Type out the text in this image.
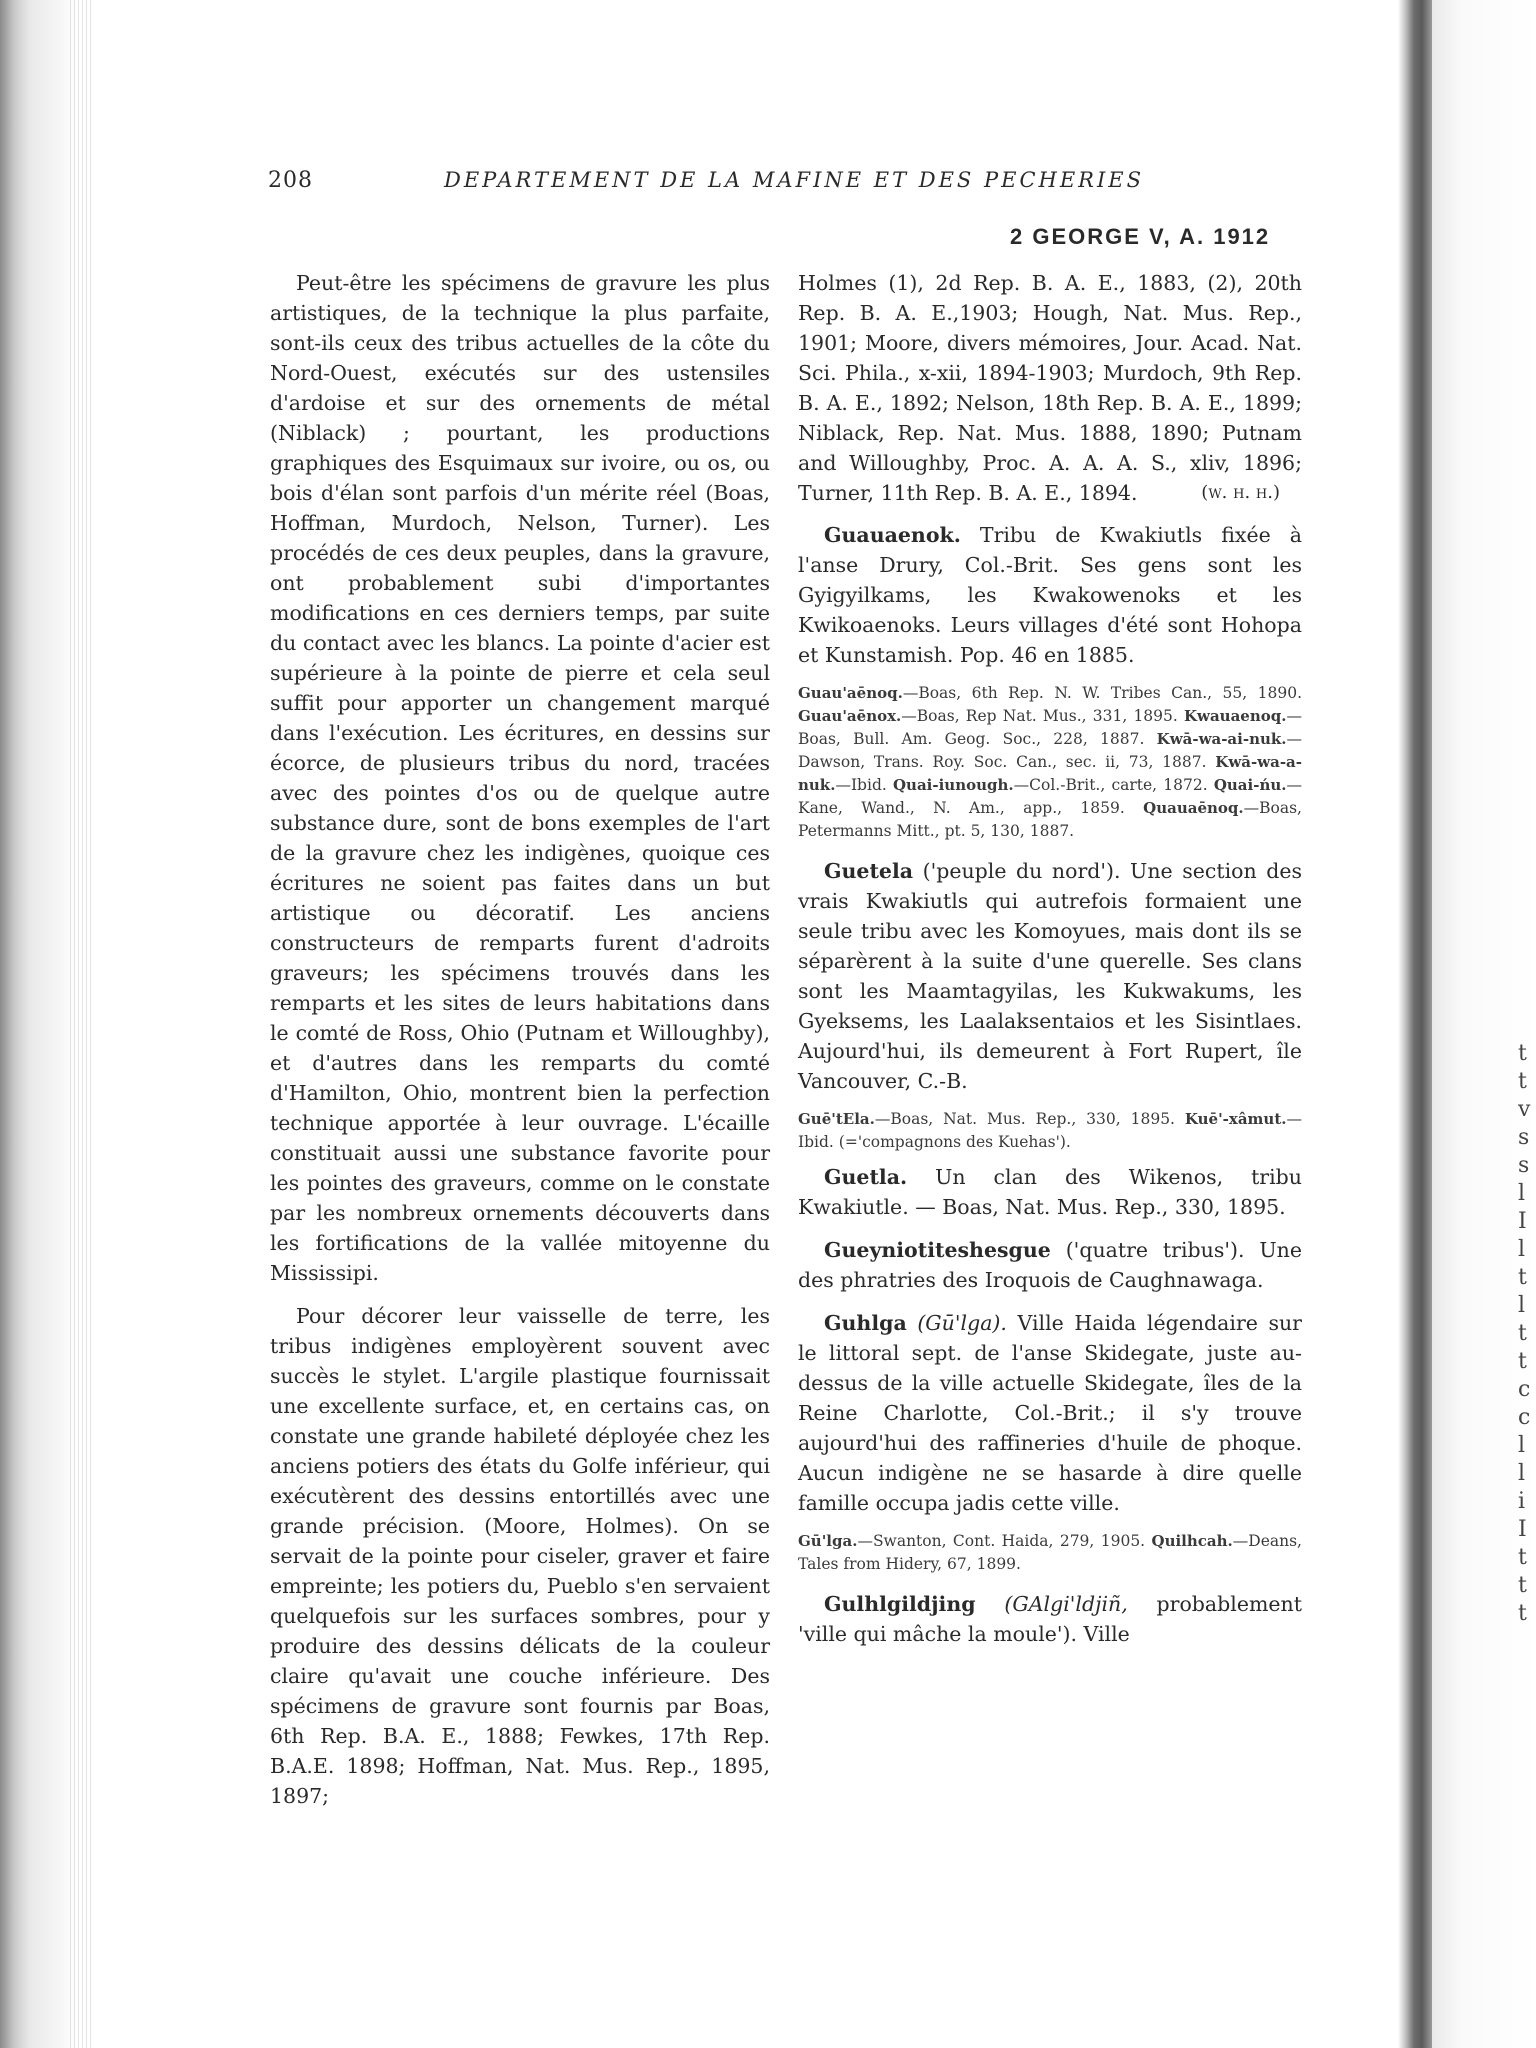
t
t
v
s
s
l
I
l
t
l
t
t
c
c
l
l
i
I
t
t
t
208	DEPARTEMENT DE LA MAFINE ET DES PECHERIES
2 GEORGE V, A. 1912

Peut-être les spécimens de gravure les plus artistiques, de la technique la plus parfaite, sont-ils ceux des tribus actuelles de la côte du Nord-Ouest, exécutés sur des ustensiles d'ardoise et sur des ornements de métal (Niblack) ; pourtant, les productions graphiques des Esquimaux sur ivoire, ou os, ou bois d'élan sont parfois d'un mérite réel (Boas, Hoffman, Murdoch, Nelson, Turner). Les procédés de ces deux peuples, dans la gravure, ont probablement subi d'importantes modifications en ces derniers temps, par suite du contact avec les blancs. La pointe d'acier est supérieure à la pointe de pierre et cela seul suffit pour apporter un changement marqué dans l'exécution. Les écritures, en dessins sur écorce, de plusieurs tribus du nord, tracées avec des pointes d'os ou de quelque autre substance dure, sont de bons exemples de l'art de la gravure chez les indigènes, quoique ces écritures ne soient pas faites dans un but artistique ou décoratif. Les anciens constructeurs de remparts furent d'adroits graveurs; les spécimens trouvés dans les remparts et les sites de leurs habitations dans le comté de Ross, Ohio (Putnam et Willoughby), et d'autres dans les remparts du comté d'Hamilton, Ohio, montrent bien la perfection technique apportée à leur ouvrage. L'écaille constituait aussi une substance favorite pour les pointes des graveurs, comme on le constate par les nombreux ornements découverts dans les fortifications de la vallée mitoyenne du Mississipi.

Pour décorer leur vaisselle de terre, les tribus indigènes employèrent souvent avec succès le stylet. L'argile plastique fournissait une excellente surface, et, en certains cas, on constate une grande habileté déployée chez les anciens potiers des états du Golfe inférieur, qui exécutèrent des dessins entortillés avec une grande précision. (Moore, Holmes). On se servait de la pointe pour ciseler, graver et faire empreinte; les potiers du, Pueblo s'en servaient quelquefois sur les surfaces sombres, pour y produire des dessins délicats de la couleur claire qu'avait une couche inférieure. Des spécimens de gravure sont fournis par Boas, 6th Rep. B.A. E., 1888; Fewkes, 17th Rep. B.A.E. 1898; Hoffman, Nat. Mus. Rep., 1895, 1897;

Holmes (1), 2d Rep. B. A. E., 1883, (2), 20th Rep. B. A. E.,1903; Hough, Nat. Mus. Rep., 1901; Moore, divers mémoires, Jour. Acad. Nat. Sci. Phila., x-xii, 1894-1903; Murdoch, 9th Rep. B. A. E., 1892; Nelson, 18th Rep. B. A. E., 1899; Niblack, Rep. Nat. Mus. 1888, 1890; Putnam and Willoughby, Proc. A. A. A. S., xliv, 1896; Turner, 11th Rep. B. A. E., 1894.	(w. h. h.)

Guauaenok. Tribu de Kwakiutls fixée à l'anse Drury, Col.-Brit. Ses gens sont les Gyigyilkams, les Kwakowenoks et les Kwikoaenoks. Leurs villages d'été sont Hohopa et Kunstamish. Pop. 46 en 1885.

Guau'aēnoq.—Boas, 6th Rep. N. W. Tribes Can., 55, 1890. Guau'aēnox.—Boas, Rep Nat. Mus., 331, 1895. Kwauaenoq.—Boas, Bull. Am. Geog. Soc., 228, 1887. Kwā-wa-ai-nuk.—Dawson, Trans. Roy. Soc. Can., sec. ii, 73, 1887. Kwā-wa-a-nuk.—Ibid. Quai-iunough.—Col.-Brit., carte, 1872. Quai-ńu.—Kane, Wand., N. Am., app., 1859. Quauaēnoq.—Boas, Petermanns Mitt., pt. 5, 130, 1887.

Guetela ('peuple du nord'). Une section des vrais Kwakiutls qui autrefois formaient une seule tribu avec les Komoyues, mais dont ils se séparèrent à la suite d'une querelle. Ses clans sont les Maamtagyilas, les Kukwakums, les Gyeksems, les Laalaksentaios et les Sisintlaes. Aujourd'hui, ils demeurent à Fort Rupert, île Vancouver, C.-B.

Guē'tEla.—Boas, Nat. Mus. Rep., 330, 1895. Kuē'-xâmut.—Ibid. (='compagnons des Kuehas').

Guetla. Un clan des Wikenos, tribu Kwakiutle. — Boas, Nat. Mus. Rep., 330, 1895.

Gueyniotiteshesgue ('quatre tribus'). Une des phratries des Iroquois de Caughnawaga.

Guhlga (Gū'lga). Ville Haida légendaire sur le littoral sept. de l'anse Skidegate, juste au-dessus de la ville actuelle Skidegate, îles de la Reine Charlotte, Col.-Brit.; il s'y trouve aujourd'hui des raffineries d'huile de phoque. Aucun indigène ne se hasarde à dire quelle famille occupa jadis cette ville.

Gū'lga.—Swanton, Cont. Haida, 279, 1905. Quilhcah.—Deans, Tales from Hidery, 67, 1899.

Gulhlgildjing (GAlgi'ldjiñ, probablement 'ville qui mâche la moule'). Ville
